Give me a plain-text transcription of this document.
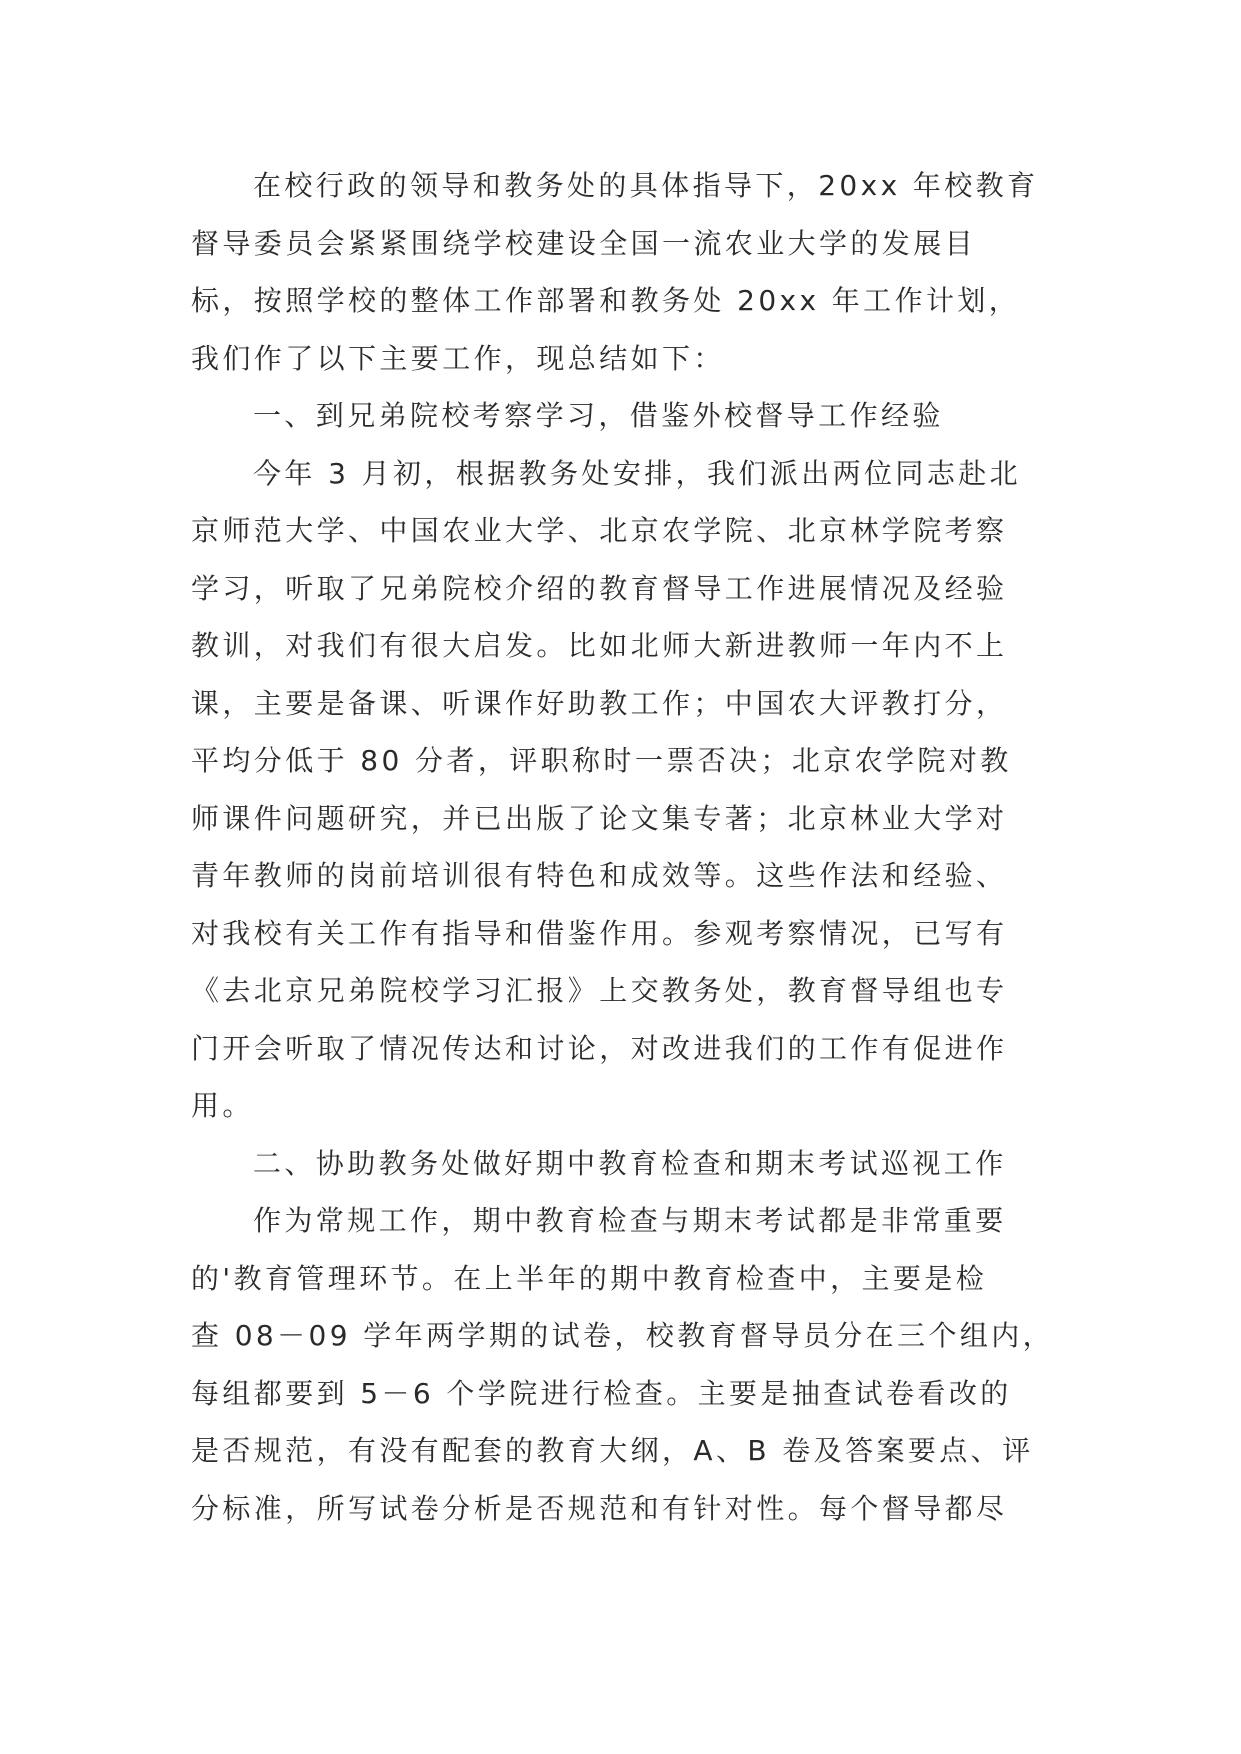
在校行政的领导和教务处的具体指导下，20xx 年校教育
督导委员会紧紧围绕学校建设全国一流农业大学的发展目
标，按照学校的整体工作部署和教务处 20xx 年工作计划，
我们作了以下主要工作，现总结如下：
一、到兄弟院校考察学习，借鉴外校督导工作经验
今年 3 月初，根据教务处安排，我们派出两位同志赴北
京师范大学、中国农业大学、北京农学院、北京林学院考察
学习，听取了兄弟院校介绍的教育督导工作进展情况及经验
教训，对我们有很大启发。比如北师大新进教师一年内不上
课，主要是备课、听课作好助教工作；中国农大评教打分，
平均分低于 80 分者，评职称时一票否决；北京农学院对教
师课件问题研究，并已出版了论文集专著；北京林业大学对
青年教师的岗前培训很有特色和成效等。这些作法和经验、
对我校有关工作有指导和借鉴作用。参观考察情况，已写有
《去北京兄弟院校学习汇报》上交教务处，教育督导组也专
门开会听取了情况传达和讨论，对改进我们的工作有促进作
用。
二、协助教务处做好期中教育检查和期末考试巡视工作
作为常规工作，期中教育检查与期末考试都是非常重要
的'教育管理环节。在上半年的期中教育检查中，主要是检
查 08－09 学年两学期的试卷，校教育督导员分在三个组内，
每组都要到 5－6 个学院进行检查。主要是抽查试卷看改的
是否规范，有没有配套的教育大纲，A、B 卷及答案要点、评
分标准，所写试卷分析是否规范和有针对性。每个督导都尽
